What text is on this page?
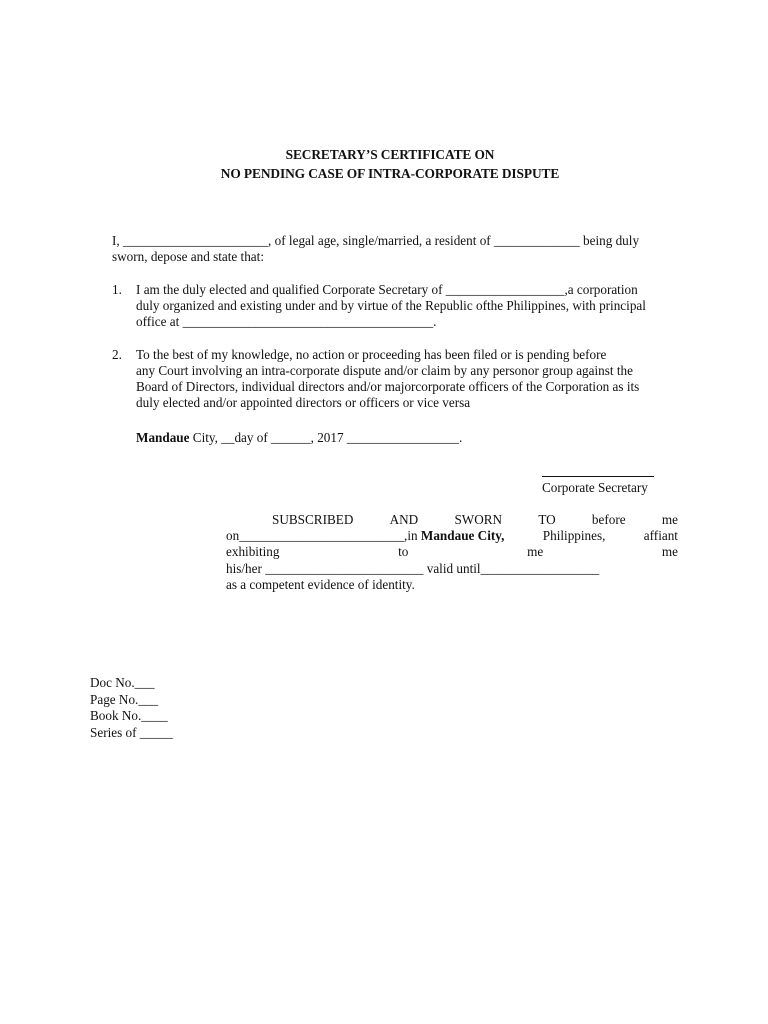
SECRETARY’S CERTIFICATE ON
NO PENDING CASE OF INTRA-CORPORATE DISPUTE
I, ______________________, of legal age, single/married, a resident of _____________ being duly
sworn, depose and state that:
1. I am the duly elected and qualified Corporate Secretary of __________________,a corporation
duly organized and existing under and by virtue of the Republic ofthe Philippines, with principal
office at ______________________________________.
2. To the best of my knowledge, no action or proceeding has been filed or is pending before
any Court involving an intra-corporate dispute and/or claim by any personor group against the
Board of Directors, individual directors and/or majorcorporate officers of the Corporation as its
duly elected and/or appointed directors or officers or vice versa
Mandaue City, __day of ______, 2017 _________________.
Corporate Secretary
SUBSCRIBED	AND	SWORN	TO	before	me
on_________________________,in Mandaue City,	Philippines,	affiant
exhibiting	to	me	me
his/her ________________________ valid until__________________
as a competent evidence of identity.
Doc No.___
Page No.___
Book No.____
Series of _____
